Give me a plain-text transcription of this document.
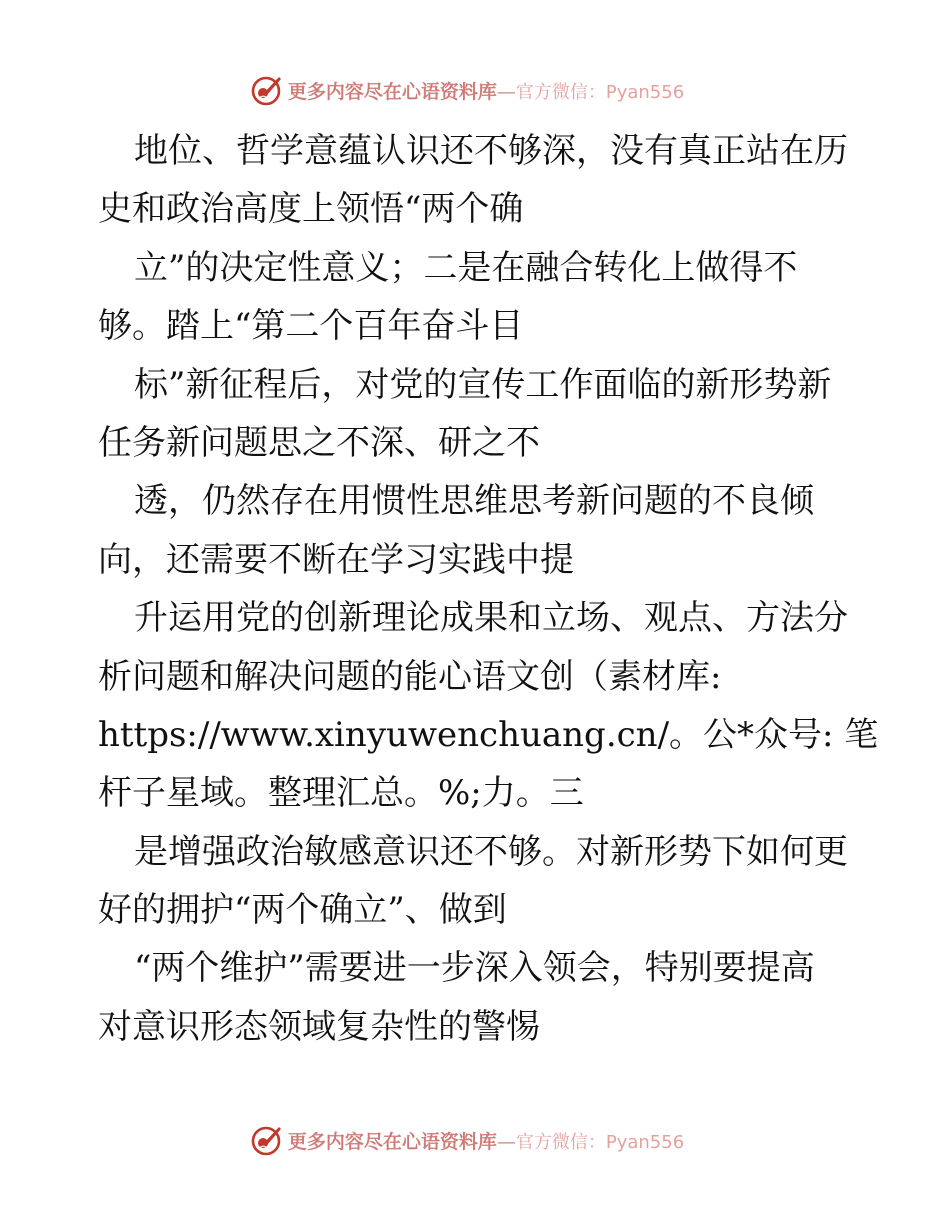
更多内容尽在心语资料库—官方微信：Pyan556
地位、哲学意蕴认识还不够深，没有真正站在历
史和政治高度上领悟“两个确
立”的决定性意义；二是在融合转化上做得不
够。踏上“第二个百年奋斗目
标”新征程后，对党的宣传工作面临的新形势新
任务新问题思之不深、研之不
透，仍然存在用惯性思维思考新问题的不良倾
向，还需要不断在学习实践中提
升运用党的创新理论成果和立场、观点、方法分
析问题和解决问题的能心语文创（素材库:
https://www.xinyuwenchuang.cn/。公*众号: 笔
杆子星域。整理汇总。%;力。三
是增强政治敏感意识还不够。对新形势下如何更
好的拥护“两个确立”、做到
“两个维护”需要进一步深入领会，特别要提高
对意识形态领域复杂性的警惕
更多内容尽在心语资料库—官方微信：Pyan556
